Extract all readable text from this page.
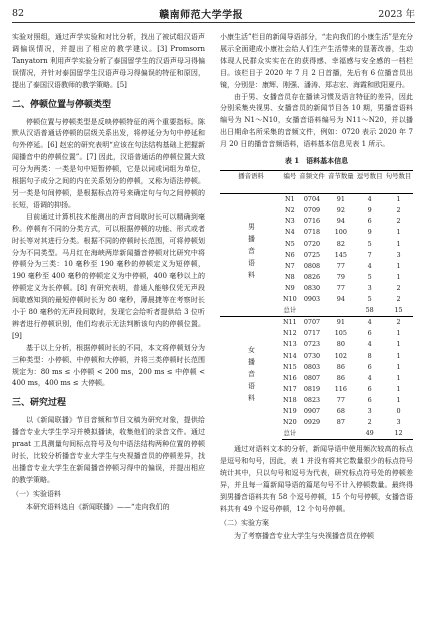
82	赣南师范大学学报	2023 年

实验对照组，通过声学实验和对比分析，找出了被试组汉语声调偏误情况，并提出了相应的教学建议。[3] Promsorn Tanyatorn 利用声学实验分析了泰国留学生的汉语声母习得偏误情况，并针对泰国留学生汉语声母习得偏误的特征和原因，提出了泰国汉语教师的教学策略。[5]

二、停顿位置与停顿类型

停顿位置与停顿类型是反映停顿特征的两个重要指标。陈默从汉语普通话停顿的层级关系出发，将停延分为句中停延和句外停延。[6] 赵宏的研究表明“应该在句法结构基础上把握新闻播音中的停顿位置”。[7] 因此，汉语普通话的停顿位置大致可分为两类：一类是句中短暂停顿，它是以词或词组为单位，根据句子成分之间的内在关系划分的停顿，又称为语法停顿。另一类是句间停顿，是根据标点符号来确定句与句之间停顿的长短，语调的抑扬。

目前通过计算机技术能测出的声音间歇时长可以精确到毫秒。停顿有不同的分类方式，可以根据停顿的功能、形式或者时长等对其进行分类。根据不同的停顿时长范围，可将停顿划分为不同类型。马月红在海峡两岸新闻播音停顿对比研究中将停顿分为三类：10 毫秒至 190 毫秒的停顿定义为短停顿，190 毫秒至 400 毫秒的停顿定义为中停顿，400 毫秒以上的停顿定义为长停顿。[8] 有研究表明，普通人能够仅凭无声段间歇感知到的最短停顿时长为 80 毫秒，薄晨捷等在考察时长小于 80 毫秒的无声段间歇时，发现它会给听者提供给 3 位听辨者进行停顿识别，他们均表示无法判断该句内的停顿位置。[9]

基于以上分析，根据停顿时长的不同，本文将停顿划分为三种类型：小停顿、中停顿和大停顿，并将三类停顿时长范围规定为：80 ms ≤ 小停顿 < 200 ms，200 ms ≤ 中停顿 < 400 ms，400 ms ≤ 大停顿。

三、研究过程

以《新闻联播》节目音频和节目文稿为研究对象，提供给播音专业大学生学习并模拟播读，收集他们的录音文件。通过 praat 工具测量句间标点符号及句中语法结构两种位置的停顿时长，比较分析播音专业大学生与央视播音员的停顿差异，找出播音专业大学生在新闻播音停顿习得中的偏误，并提出相应的教学策略。

（一）实验语料

本研究语料选自《新闻联播》——“走向我们的

小康生活”栏目的新闻导语部分，“走向我们的小康生活”是充分展示全面建成小康社会给人们生产生活带来的显著改善，生动体现人民群众实实在在的获得感、幸福感与安全感的一档栏目。该栏目于 2020 年 7 月 2 日首播，先后有 6 位播音员出镜，分别是：康辉、刚强、潘涛、郑志宏、海霞和欧阳夏丹。

由于男、女播音员存在播读习惯及语言特征的差异，因此分别采集央视男、女播音员的新闻节目各 10 期，男播音语料编号为 N1～N10，女播音语料编号为 N11～N20，并以播出日期命名所采集的音频文件，例如：0720 表示 2020 年 7 月 20 日的播音音频语料，语料基本信息见表 1 所示。

表 1　语料基本信息
播音语料	编号	音频文件	音节数量	逗号数目	句号数目

男播音语料	N1	0704	91	4	1
	N2	0709	92	9	2
	N3	0716	94	6	2
	N4	0718	100	9	1
	N5	0720	82	5	1
	N6	0725	145	7	3
	N7	0808	77	4	1
	N8	0826	79	5	1
	N9	0830	77	3	2
	N10	0903	94	5	2
	总计			58	15
女播音语料	N11	0707	91	4	2
	N12	0717	105	6	1
	N13	0723	80	4	1
	N14	0730	102	8	1
	N15	0803	86	6	1
	N16	0807	86	4	1
	N17	0819	116	6	1
	N18	0823	77	6	1
	N19	0907	68	3	0
	N20	0929	87	2	3
	总计			49	12

通过对语料文本的分析，新闻导语中使用频次较高的标点是逗号和句号，因此，表 1 并没有将其它数量很少的标点符号统计其中，只以句号和逗号为代表，研究标点符号处的停顿差异，并且每一篇新闻导语的篇尾句号不计入停顿数量。最终得到男播音语料共有 58 个逗号停顿，15 个句号停顿，女播音语料共有 49 个逗号停顿，12 个句号停顿。

（二）实验方案

为了考察播音专业大学生与央视播音员在停顿
